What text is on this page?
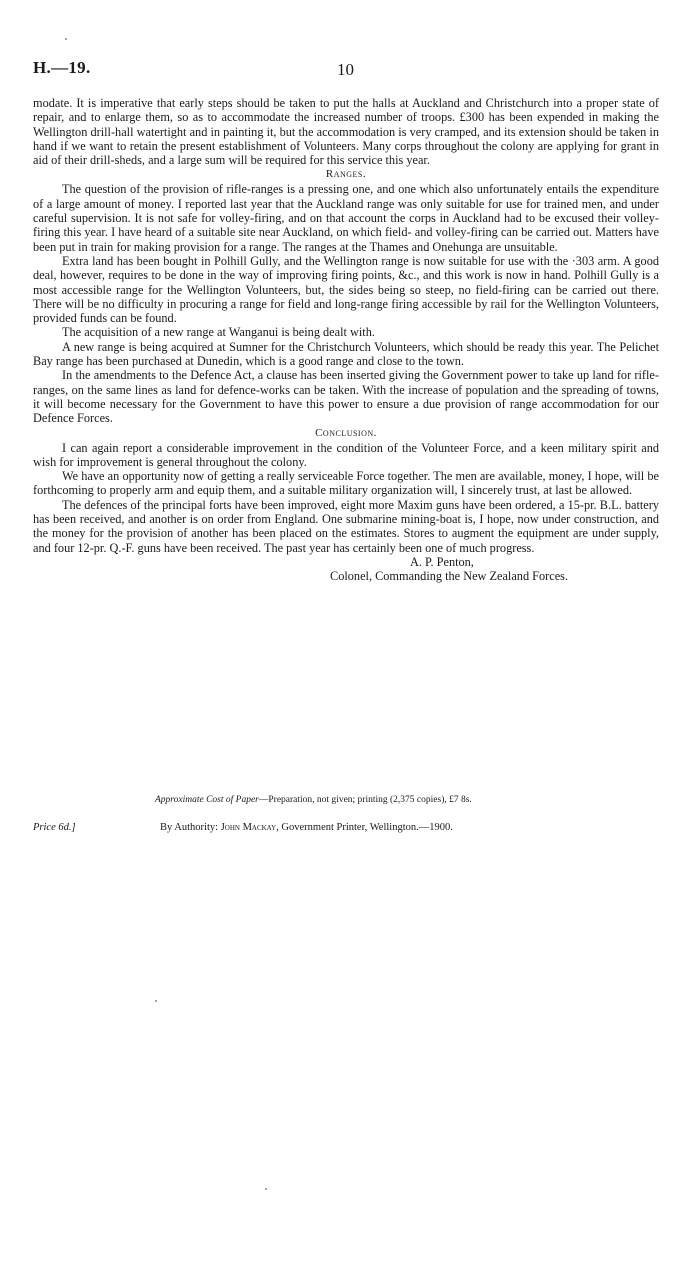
H.—19.	10

modate. It is imperative that early steps should be taken to put the halls at Auckland and Christchurch into a proper state of repair, and to enlarge them, so as to accommodate the increased number of troops. £300 has been expended in making the Wellington drill-hall watertight and in painting it, but the accommodation is very cramped, and its extension should be taken in hand if we want to retain the present establishment of Volunteers. Many corps throughout the colony are applying for grant in aid of their drill-sheds, and a large sum will be required for this service this year.

Ranges.

The question of the provision of rifle-ranges is a pressing one, and one which also unfortunately entails the expenditure of a large amount of money. I reported last year that the Auckland range was only suitable for use for trained men, and under careful supervision. It is not safe for volley-firing, and on that account the corps in Auckland had to be excused their volley-firing this year. I have heard of a suitable site near Auckland, on which field- and volley-firing can be carried out. Matters have been put in train for making provision for a range. The ranges at the Thames and Onehunga are unsuitable.

Extra land has been bought in Polhill Gully, and the Wellington range is now suitable for use with the ·303 arm. A good deal, however, requires to be done in the way of improving firing points, &c., and this work is now in hand. Polhill Gully is a most accessible range for the Wellington Volunteers, but, the sides being so steep, no field-firing can be carried out there. There will be no difficulty in procuring a range for field and long-range firing accessible by rail for the Wellington Volunteers, provided funds can be found.

The acquisition of a new range at Wanganui is being dealt with.

A new range is being acquired at Sumner for the Christchurch Volunteers, which should be ready this year. The Pelichet Bay range has been purchased at Dunedin, which is a good range and close to the town.

In the amendments to the Defence Act, a clause has been inserted giving the Government power to take up land for rifle-ranges, on the same lines as land for defence-works can be taken. With the increase of population and the spreading of towns, it will become necessary for the Government to have this power to ensure a due provision of range accommodation for our Defence Forces.

Conclusion.

I can again report a considerable improvement in the condition of the Volunteer Force, and a keen military spirit and wish for improvement is general throughout the colony.

We have an opportunity now of getting a really serviceable Force together. The men are available, money, I hope, will be forthcoming to properly arm and equip them, and a suitable military organization will, I sincerely trust, at last be allowed.

The defences of the principal forts have been improved, eight more Maxim guns have been ordered, a 15-pr. B.L. battery has been received, and another is on order from England. One submarine mining-boat is, I hope, now under construction, and the money for the provision of another has been placed on the estimates. Stores to augment the equipment are under supply, and four 12-pr. Q.-F. guns have been received. The past year has certainly been one of much progress.

A. P. Penton,
Colonel, Commanding the New Zealand Forces.
Approximate Cost of Paper—Preparation, not given; printing (2,375 copies), £7 8s.
Price 6d.]	By Authority: John Mackay, Government Printer, Wellington.—1900.
